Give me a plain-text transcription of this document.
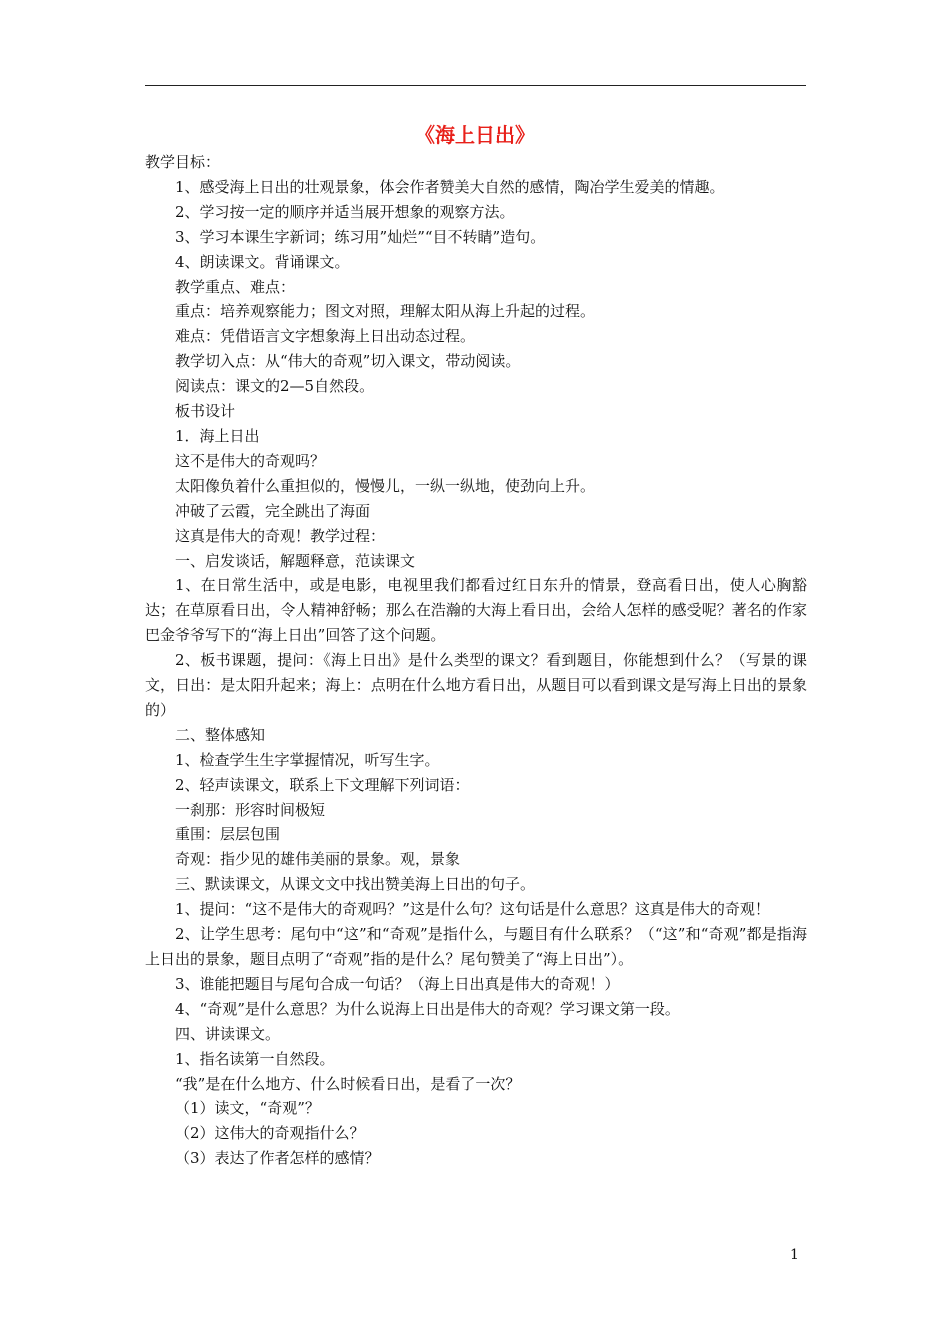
《海上日出》

教学目标：

1、感受海上日出的壮观景象，体会作者赞美大自然的感情，陶冶学生爱美的情趣。

2、学习按一定的顺序并适当展开想象的观察方法。

3、学习本课生字新词；练习用”灿烂”“目不转睛”造句。

4、朗读课文。背诵课文。

教学重点、难点：

重点：培养观察能力；图文对照，理解太阳从海上升起的过程。

难点：凭借语言文字想象海上日出动态过程。

教学切入点：从“伟大的奇观”切入课文，带动阅读。

阅读点：课文的2—5自然段。

板书设计

1．海上日出

这不是伟大的奇观吗？

太阳像负着什么重担似的，慢慢儿，一纵一纵地，使劲向上升。

冲破了云霞，完全跳出了海面

这真是伟大的奇观！教学过程：

一、启发谈话，解题释意，范读课文

1、在日常生活中，或是电影，电视里我们都看过红日东升的情景，登高看日出，使人心胸豁达；在草原看日出，令人精神舒畅；那么在浩瀚的大海上看日出，会给人怎样的感受呢？著名的作家巴金爷爷写下的“海上日出”回答了这个问题。

2、板书课题，提问：《海上日出》是什么类型的课文？看到题目，你能想到什么？（写景的课文，日出：是太阳升起来；海上：点明在什么地方看日出，从题目可以看到课文是写海上日出的景象的）

二、整体感知

1、检查学生生字掌握情况，听写生字。

2、轻声读课文，联系上下文理解下列词语：

一刹那：形容时间极短

重围：层层包围

奇观：指少见的雄伟美丽的景象。观，景象

三、默读课文，从课文文中找出赞美海上日出的句子。

1、提问：“这不是伟大的奇观吗？”这是什么句？这句话是什么意思？这真是伟大的奇观！

2、让学生思考：尾句中“这”和“奇观”是指什么，与题目有什么联系？（“这”和“奇观”都是指海上日出的景象，题目点明了“奇观”指的是什么？尾句赞美了“海上日出”）。

3、谁能把题目与尾句合成一句话？（海上日出真是伟大的奇观！）

4、“奇观”是什么意思？为什么说海上日出是伟大的奇观？学习课文第一段。

四、讲读课文。

1、指名读第一自然段。

“我”是在什么地方、什么时候看日出，是看了一次？

（1）读文，“奇观”？

（2）这伟大的奇观指什么？

（3）表达了作者怎样的感情？

1
